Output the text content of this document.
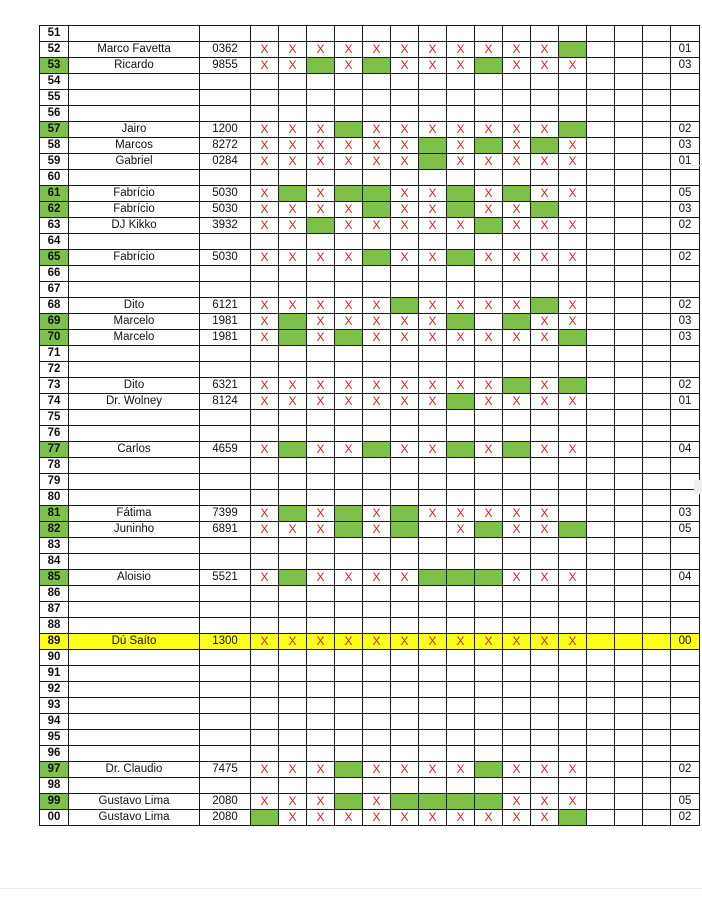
51																		
52	Marco Favetta	0362	X	X	X	X	X	X	X	X	X	X	X					01
53	Ricardo	9855	X	X		X		X	X	X		X	X	X				03
54																		
55																		
56																		
57	Jairo	1200	X	X	X		X	X	X	X	X	X	X					02
58	Marcos	8272	X	X	X	X	X	X		X		X		X				03
59	Gabriel	0284	X	X	X	X	X	X		X	X	X	X	X				01
60																		
61	Fabrício	5030	X		X			X	X		X		X	X				05
62	Fabrício	5030	X	X	X	X		X	X		X	X						03
63	DJ Kikko	3932	X	X		X	X	X	X	X		X	X	X				02
64																		
65	Fabrício	5030	X	X	X	X		X	X		X	X	X	X				02
66																		
67																		
68	Dito	6121	X	X	X	X	X		X	X	X	X		X				02
69	Marcelo	1981	X		X	X	X	X	X				X	X				03
70	Marcelo	1981	X		X		X	X	X	X	X	X	X					03
71																		
72																		
73	Dito	6321	X	X	X	X	X	X	X	X	X		X					02
74	Dr. Wolney	8124	X	X	X	X	X	X	X		X	X	X	X				01
75																		
76																		
77	Carlos	4659	X		X	X		X	X		X		X	X				04
78																		
79																		
80																		
81	Fátima	7399	X		X		X		X	X	X	X	X					03
82	Juninho	6891	X	X	X		X			X		X	X					05
83																		
84																		
85	Aloisio	5521	X		X	X	X	X				X	X	X				04
86																		
87																		
88																		
89	Dú Saíto	1300	X	X	X	X	X	X	X	X	X	X	X	X				00
90																		
91																		
92																		
93																		
94																		
95																		
96																		
97	Dr. Claudio	7475	X	X	X		X	X	X	X		X	X	X				02
98																		
99	Gustavo Lima	2080	X	X	X		X					X	X	X				05
00	Gustavo Lima	2080		X	X	X	X	X	X	X	X	X	X					02
